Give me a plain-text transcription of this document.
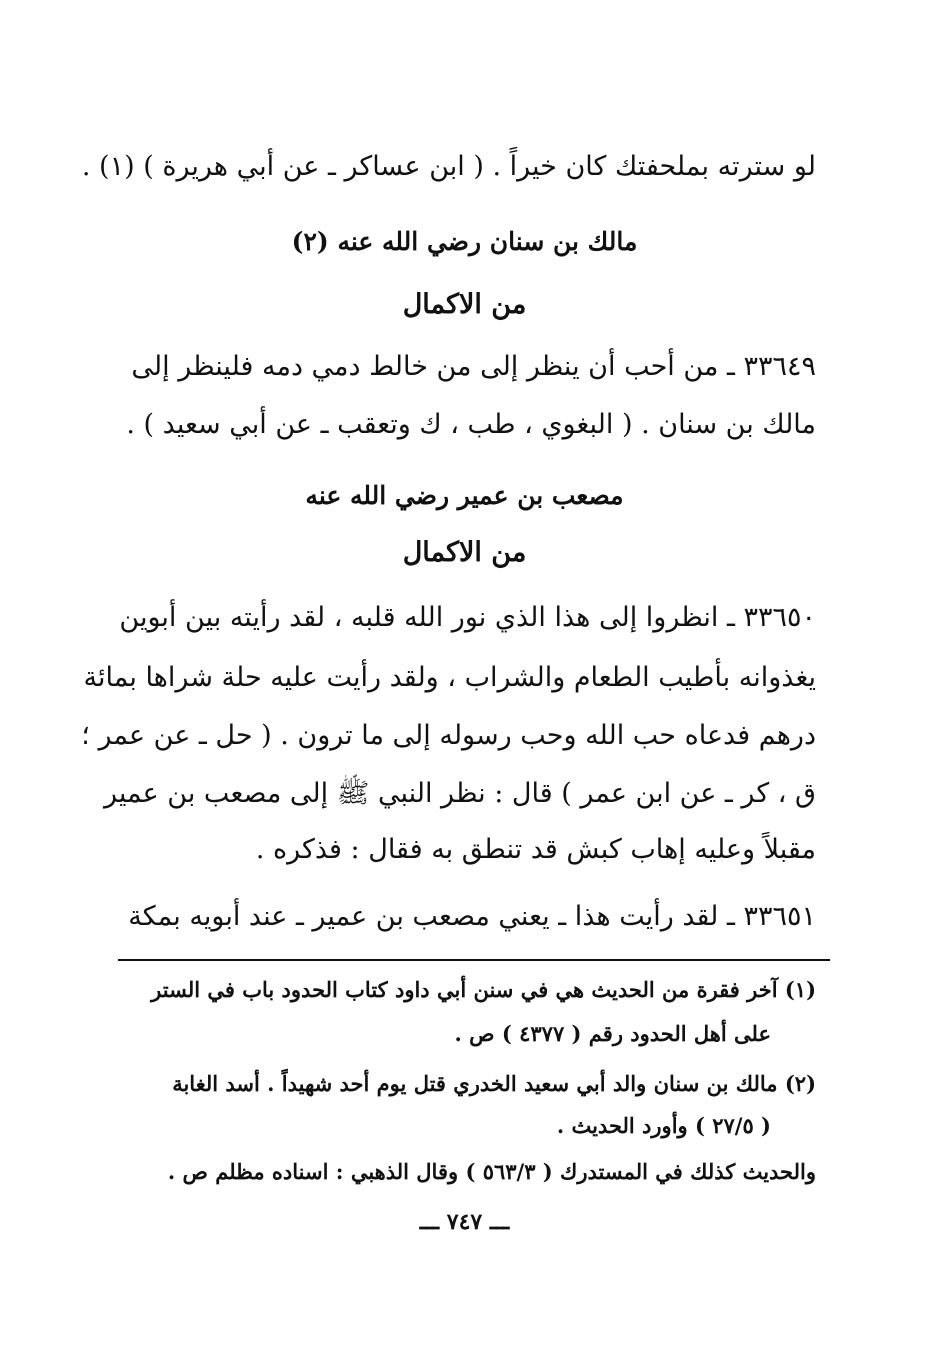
لو سترته بملحفتك كان خيراً . ( ابن عساكر ـ عن أبي هريرة ) (١) .
مالك بن سنان رضي الله عنه (٢)
من الاكمال
٣٣٦٤٩ ـ من أحب أن ينظر إلى من خالط دمي دمه فلينظر إلى
مالك بن سنان . ( البغوي ، طب ، ك وتعقب ـ عن أبي سعيد ) .
مصعب بن عمير رضي الله عنه
من الاكمال
٣٣٦٥٠ ـ انظروا إلى هذا الذي نور الله قلبه ، لقد رأيته بين أبوين
يغذوانه بأطيب الطعام والشراب ، ولقد رأيت عليه حلة شراها بمائة
درهم فدعاه حب الله وحب رسوله إلى ما ترون . ( حل ـ عن عمر ؛
ق ، كر ـ عن ابن عمر ) قال : نظر النبي ﷺ إلى مصعب بن عمير
مقبلاً وعليه إهاب كبش قد تنطق به فقال : فذكره .
٣٣٦٥١ ـ لقد رأيت هذا ـ يعني مصعب بن عمير ـ عند أبويه بمكة
(١) آخر فقرة من الحديث هي في سنن أبي داود كتاب الحدود باب في الستر
على أهل الحدود رقم ( ٤٣٧٧ ) ص .
(٢) مالك بن سنان والد أبي سعيد الخدري قتل يوم أحد شهيداً . أسد الغابة
( ٢٧/٥ ) وأورد الحديث .
والحديث كذلك في المستدرك ( ٥٦٣/٣ ) وقال الذهبي : اسناده مظلم ص .
ـــ ٧٤٧ ـــ
